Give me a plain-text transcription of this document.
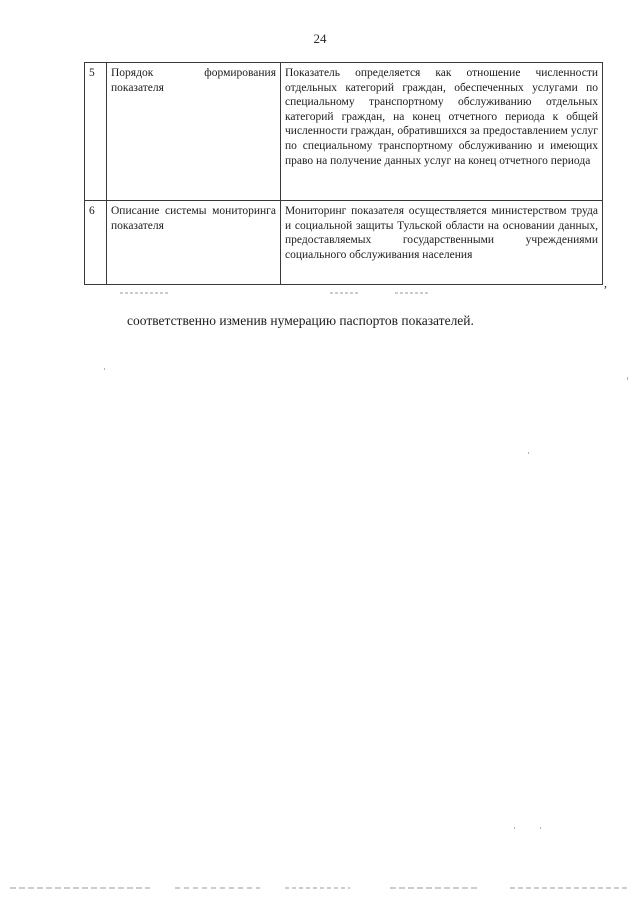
24
5	Порядок формирования показателя	Показатель определяется как отношение численности отдельных категорий граждан, обеспеченных услугами по специальному транспортному обслуживанию отдельных категорий граждан, на конец отчетного периода к общей численности граждан, обратившихся за предоставлением услуг по специальному транспортному обслуживанию и имеющих право на получение данных услуг на конец отчетного периода
6	Описание системы мониторинга показателя	Мониторинг показателя осуществляется министерством труда и социальной защиты Тульской области на основании данных, предоставляемых государственными учреждениями социального обслуживания населения
,
соответственно изменив нумерацию паспортов показателей.
